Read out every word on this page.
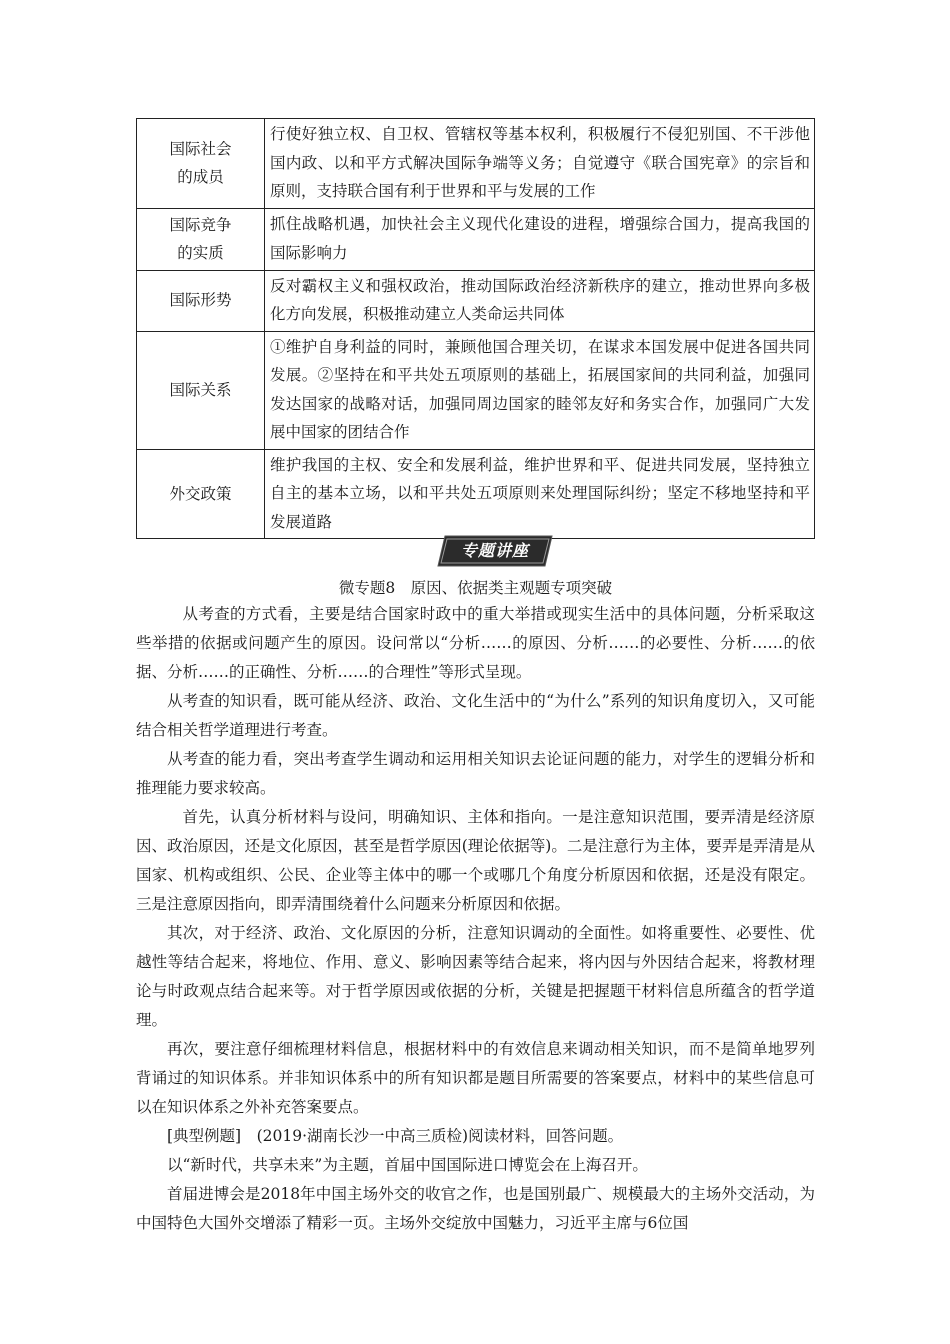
国际社会
的成员	行使好独立权、自卫权、管辖权等基本权利，积极履行不侵犯别国、不干涉他国内政、以和平方式解决国际争端等义务；自觉遵守《联合国宪章》的宗旨和原则，支持联合国有利于世界和平与发展的工作
国际竞争
的实质	抓住战略机遇，加快社会主义现代化建设的进程，增强综合国力，提高我国的国际影响力
国际形势	反对霸权主义和强权政治，推动国际政治经济新秩序的建立，推动世界向多极化方向发展，积极推动建立人类命运共同体
国际关系	①维护自身利益的同时，兼顾他国合理关切，在谋求本国发展中促进各国共同发展。②坚持在和平共处五项原则的基础上，拓展国家间的共同利益，加强同发达国家的战略对话，加强同周边国家的睦邻友好和务实合作，加强同广大发展中国家的团结合作
外交政策	维护我国的主权、安全和发展利益，维护世界和平、促进共同发展，坚持独立自主的基本立场，以和平共处五项原则来处理国际纠纷；坚定不移地坚持和平发展道路
专题讲座
微专题8　原因、依据类主观题专项突破

从考查的方式看，主要是结合国家时政中的重大举措或现实生活中的具体问题，分析采取这些举措的依据或问题产生的原因。设问常以“分析……的原因、分析……的必要性、分析……的依据、分析……的正确性、分析……的合理性”等形式呈现。

从考查的知识看，既可能从经济、政治、文化生活中的“为什么”系列的知识角度切入，又可能结合相关哲学道理进行考查。

从考查的能力看，突出考查学生调动和运用相关知识去论证问题的能力，对学生的逻辑分析和推理能力要求较高。

首先，认真分析材料与设问，明确知识、主体和指向。一是注意知识范围，要弄清是经济原因、政治原因，还是文化原因，甚至是哲学原因(理论依据等)。二是注意行为主体，要弄是弄清是从国家、机构或组织、公民、企业等主体中的哪一个或哪几个角度分析原因和依据，还是没有限定。三是注意原因指向，即弄清围绕着什么问题来分析原因和依据。

其次，对于经济、政治、文化原因的分析，注意知识调动的全面性。如将重要性、必要性、优越性等结合起来，将地位、作用、意义、影响因素等结合起来，将内因与外因结合起来，将教材理论与时政观点结合起来等。对于哲学原因或依据的分析，关键是把握题干材料信息所蕴含的哲学道理。

再次，要注意仔细梳理材料信息，根据材料中的有效信息来调动相关知识，而不是简单地罗列背诵过的知识体系。并非知识体系中的所有知识都是题目所需要的答案要点，材料中的某些信息可以在知识体系之外补充答案要点。

[典型例题]　(2019·湖南长沙一中高三质检)阅读材料，回答问题。

以“新时代，共享未来”为主题，首届中国国际进口博览会在上海召开。

首届进博会是2018年中国主场外交的收官之作，也是国别最广、规模最大的主场外交活动，为中国特色大国外交增添了精彩一页。主场外交绽放中国魅力，习近平主席与6位国
